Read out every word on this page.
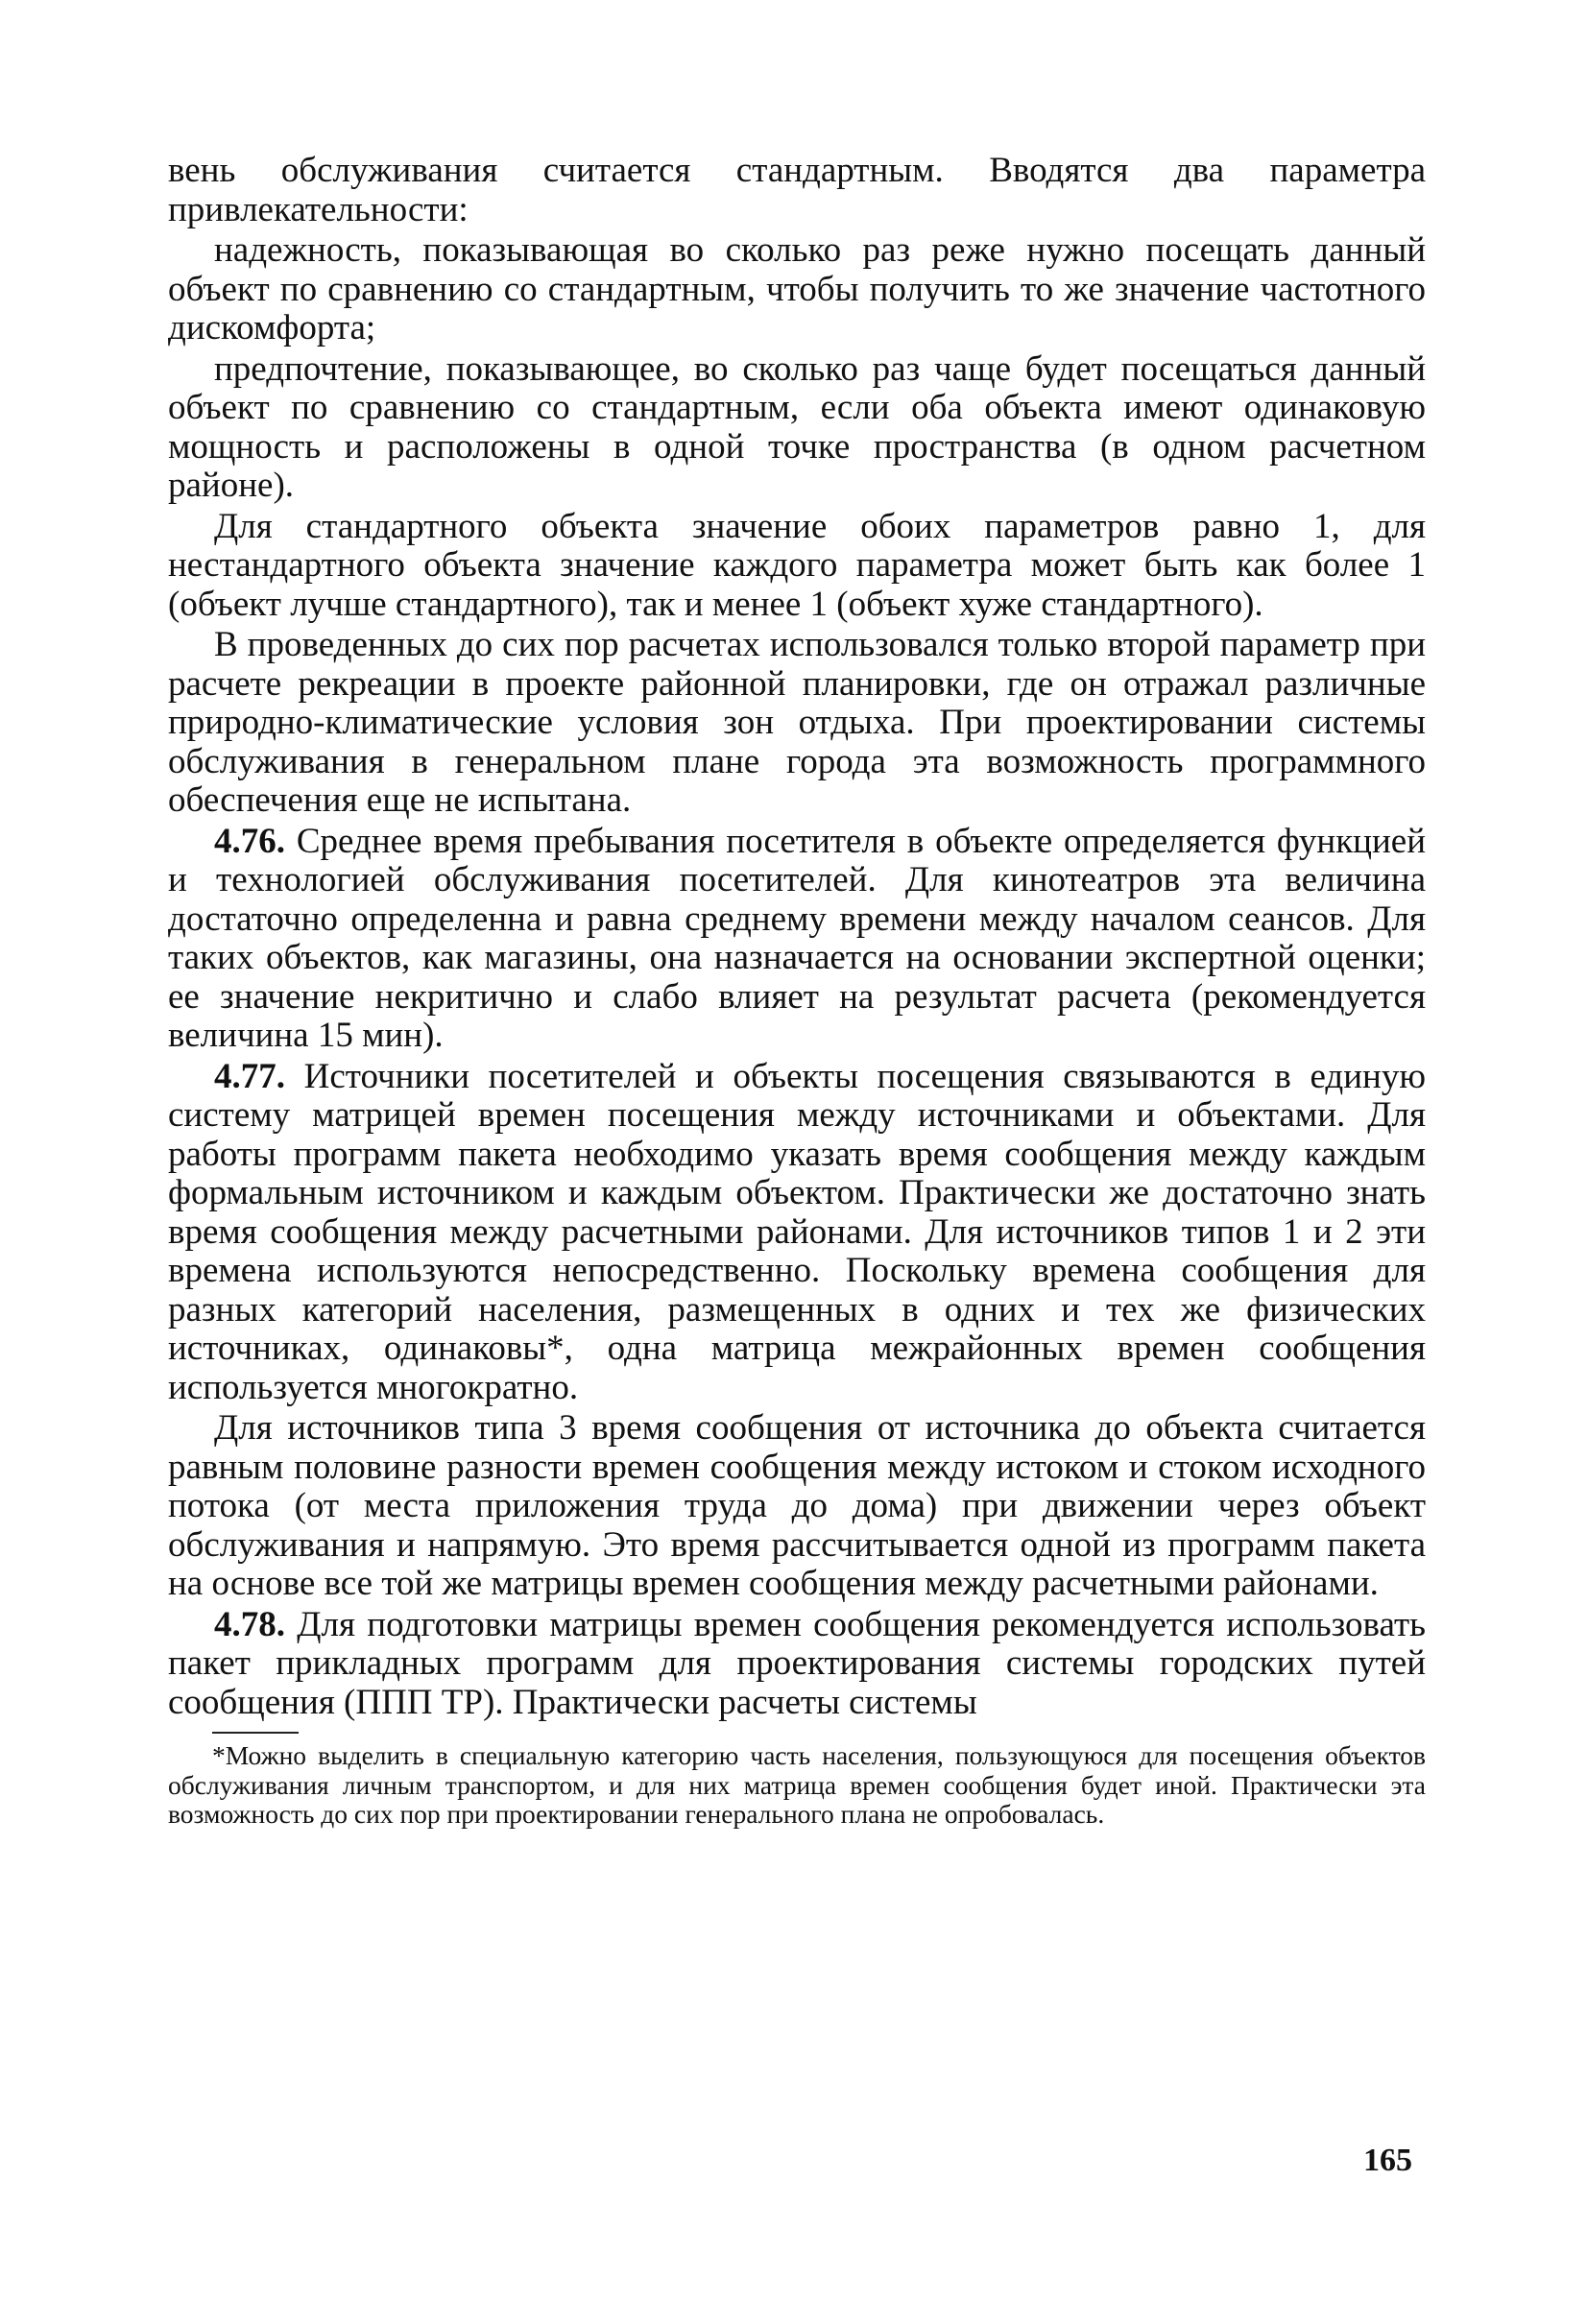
вень обслуживания считается стандартным. Вводятся два параметра привлекательности:

надежность, показывающая во сколько раз реже нужно посещать данный объект по сравнению со стандартным, чтобы получить то же значение частотного дискомфорта;

предпочтение, показывающее, во сколько раз чаще будет посещаться данный объект по сравнению со стандартным, если оба объекта имеют одинаковую мощность и расположены в одной точке пространства (в одном расчетном районе).

Для стандартного объекта значение обоих параметров равно 1, для нестандартного объекта значение каждого параметра может быть как более 1 (объект лучше стандартного), так и менее 1 (объект хуже стандартного).

В проведенных до сих пор расчетах использовался только второй параметр при расчете рекреации в проекте районной планировки, где он отражал различные природно-климатические условия зон отдыха. При проектировании системы обслуживания в генеральном плане города эта возможность программного обеспечения еще не испытана.

4.76. Среднее время пребывания посетителя в объекте определяется функцией и технологией обслуживания посетителей. Для кинотеатров эта величина достаточно определенна и равна среднему времени между началом сеансов. Для таких объектов, как магазины, она назначается на основании экспертной оценки; ее значение некритично и слабо влияет на результат расчета (рекомендуется величина 15 мин).

4.77. Источники посетителей и объекты посещения связываются в единую систему матрицей времен посещения между источниками и объектами. Для работы программ пакета необходимо указать время сообщения между каждым формальным источником и каждым объектом. Практически же достаточно знать время сообщения между расчетными районами. Для источников типов 1 и 2 эти времена используются непосредственно. Поскольку времена сообщения для разных категорий населения, размещенных в одних и тех же физических источниках, одинаковы*, одна матрица межрайонных времен сообщения используется многократно.

Для источников типа 3 время сообщения от источника до объекта считается равным половине разности времен сообщения между истоком и стоком исходного потока (от места приложения труда до дома) при движении через объект обслуживания и напрямую. Это время рассчитывается одной из программ пакета на основе все той же матрицы времен сообщения между расчетными районами.

4.78. Для подготовки матрицы времен сообщения рекомендуется использовать пакет прикладных программ для проектирования системы городских путей сообщения (ППП ТР). Практически расчеты системы

*Можно выделить в специальную категорию часть населения, пользующуюся для посещения объектов обслуживания личным транспортом, и для них матрица времен сообщения будет иной. Практически эта возможность до сих пор при проектировании генерального плана не опробовалась.

165
